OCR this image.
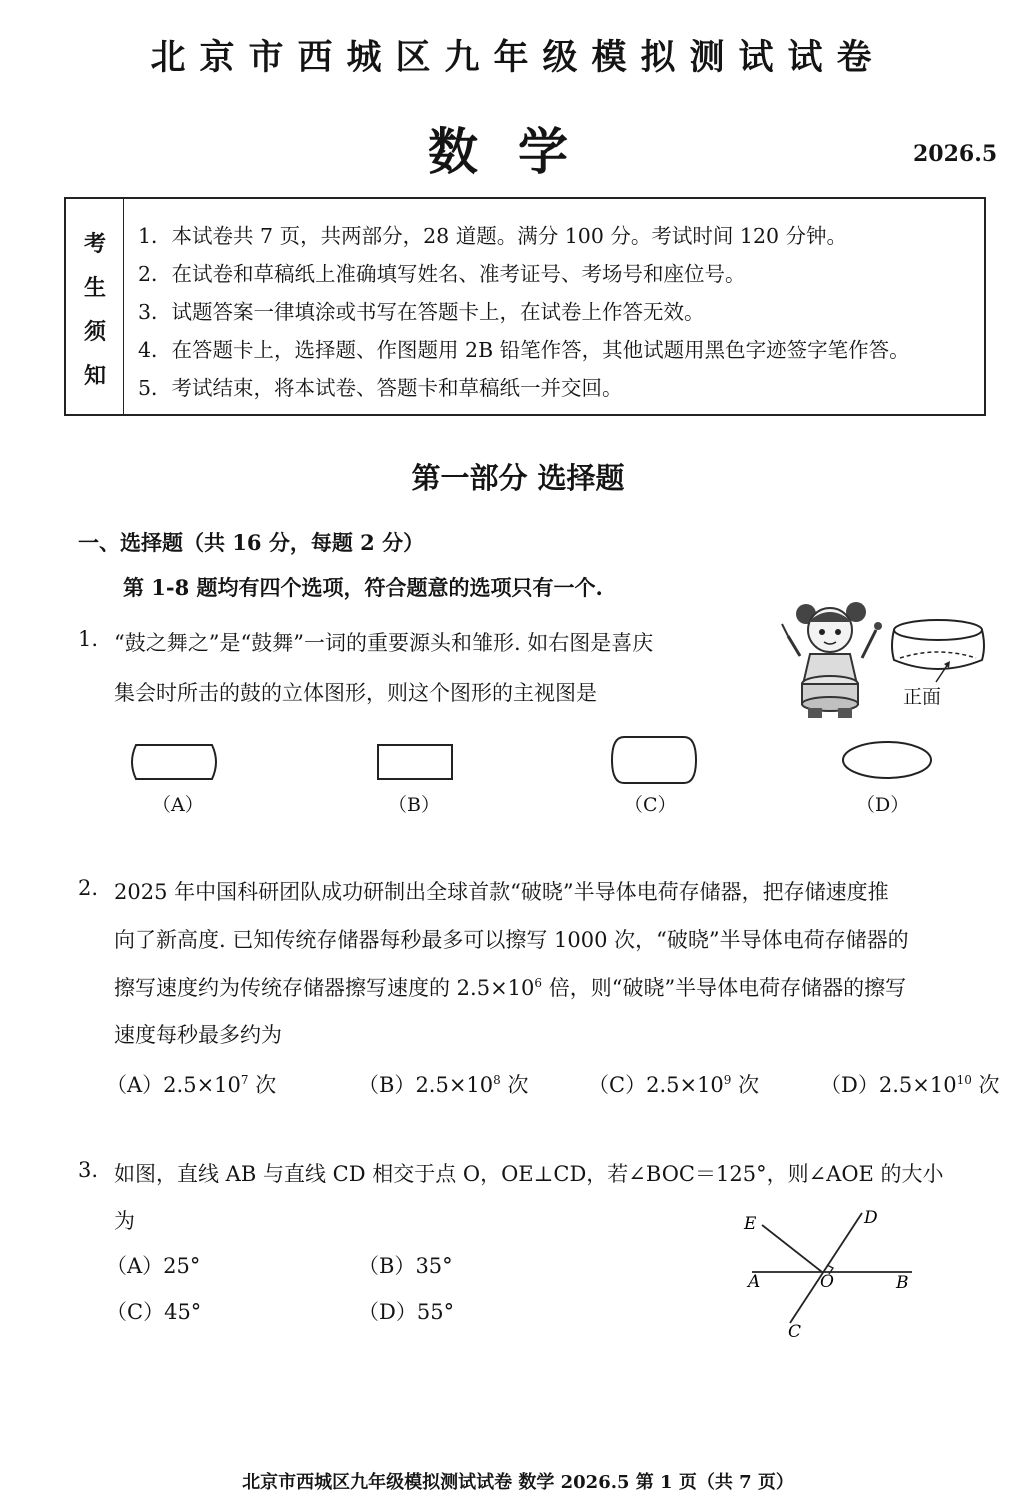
北京市西城区九年级模拟测试试卷
数学	2026.5
考
生
须
知
1．本试卷共 7 页，共两部分，28 道题。满分 100 分。考试时间 120 分钟。
2．在试卷和草稿纸上准确填写姓名、准考证号、考场号和座位号。
3．试题答案一律填涂或书写在答题卡上，在试卷上作答无效。
4．在答题卡上，选择题、作图题用 2B 铅笔作答，其他试题用黑色字迹签字笔作答。
5．考试结束，将本试卷、答题卡和草稿纸一并交回。
第一部分 选择题
一、选择题（共 16 分，每题 2 分）
第 1-8 题均有四个选项，符合题意的选项只有一个.
1. “鼓之舞之”是“鼓舞”一词的重要源头和雏形. 如右图是喜庆
集会时所击的鼓的立体图形，则这个图形的主视图是	正面
（A）	（B）	（C）	（D）
2. 2025 年中国科研团队成功研制出全球首款“破晓”半导体电荷存储器，把存储速度推
向了新高度. 已知传统存储器每秒最多可以擦写 1000 次，“破晓”半导体电荷存储器的
擦写速度约为传统存储器擦写速度的 $2.5\times 10^6$ 倍，则“破晓”半导体电荷存储器的擦写
速度每秒最多约为
$(A)2.5\times 10^7$ 次	$(B)2.5\times 10^8$ 次	$(C)2.5\times 10^9$ 次	$(D)2.5\times 10^{10}$ 次
3. 如图，直线 AB 与直线 CD 相交于点 O，OE⊥CD，若∠BOC＝125°，则∠AOE 的大小
为
（A）25°	（B）35°
（C）45°	（D）55°
E	D
A	O	B
C
北京市西城区九年级模拟测试试卷 数学 2026.5 第 1 页（共 7 页）
